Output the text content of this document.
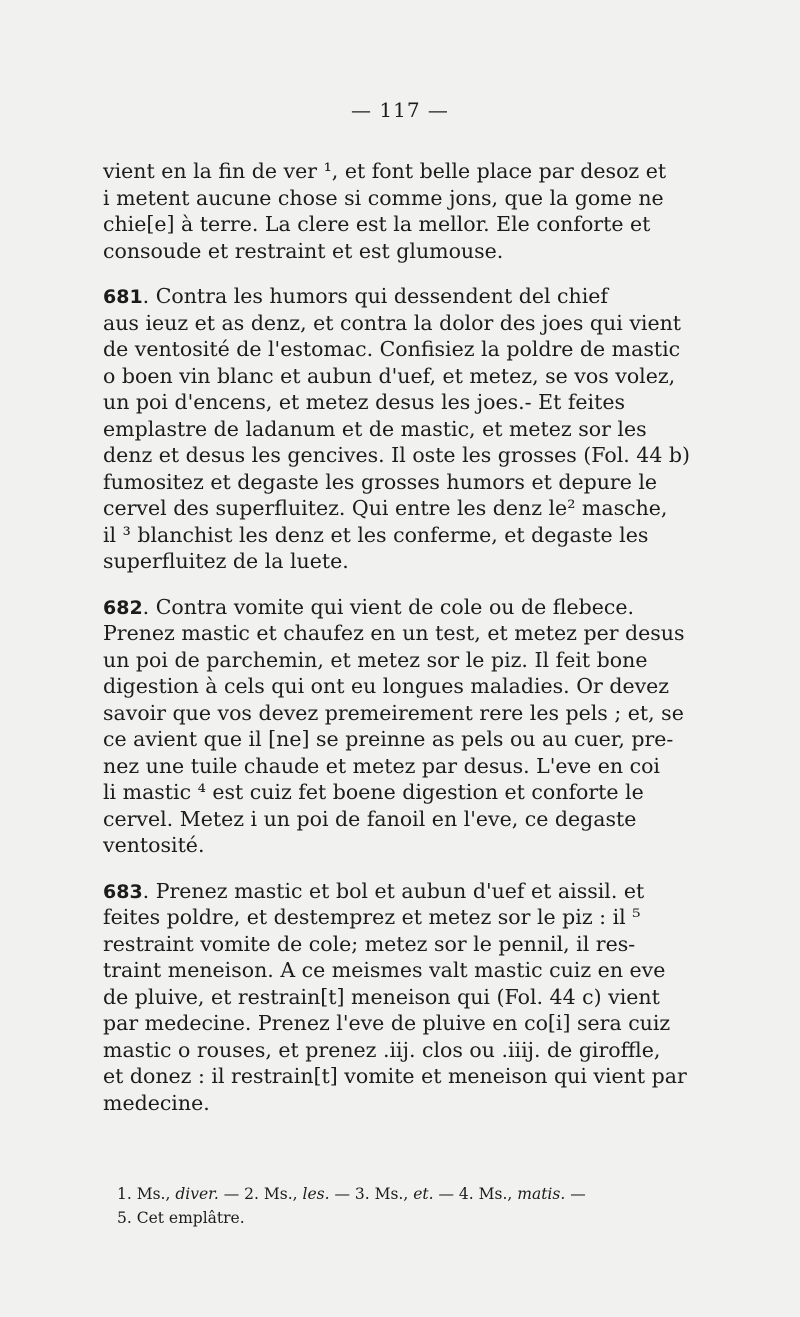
— 117 —
vient en la fin de ver ¹, et font belle place par desoz et
i metent aucune chose si comme jons, que la gome ne
chie[e] à terre. La clere est la mellor. Ele conforte et
consoude et restraint et est glumouse.
681. Contra les humors qui dessendent del chief
aus ieuz et as denz, et contra la dolor des joes qui vient
de ventosité de l'estomac. Confisiez la poldre de mastic
o boen vin blanc et aubun d'uef, et metez, se vos volez,
un poi d'encens, et metez desus les joes.- Et feites
emplastre de ladanum et de mastic, et metez sor les
denz et desus les gencives. Il oste les grosses (Fol. 44 b)
fumositez et degaste les grosses humors et depure le
cervel des superfluitez. Qui entre les denz le² masche,
il ³ blanchist les denz et les conferme, et degaste les
superfluitez de la luete.
682. Contra vomite qui vient de cole ou de flebece.
Prenez mastic et chaufez en un test, et metez per desus
un poi de parchemin, et metez sor le piz. Il feit bone
digestion à cels qui ont eu longues maladies. Or devez
savoir que vos devez premeirement rere les pels ; et, se
ce avient que il [ne] se preinne as pels ou au cuer, pre-
nez une tuile chaude et metez par desus. L'eve en coi
li mastic ⁴ est cuiz fet boene digestion et conforte le
cervel. Metez i un poi de fanoil en l'eve, ce degaste
ventosité.
683. Prenez mastic et bol et aubun d'uef et aissil. et
feites poldre, et destemprez et metez sor le piz : il ⁵
restraint vomite de cole; metez sor le pennil, il res-
traint meneison. A ce meismes valt mastic cuiz en eve
de pluive, et restrain[t] meneison qui (Fol. 44 c) vient
par medecine. Prenez l'eve de pluive en co[i] sera cuiz
mastic o rouses, et prenez .iij. clos ou .iiij. de giroffle,
et donez : il restrain[t] vomite et meneison qui vient par
medecine.
1. Ms., diver. — 2. Ms., les. — 3. Ms., et. — 4. Ms., matis. —
5. Cet emplâtre.
